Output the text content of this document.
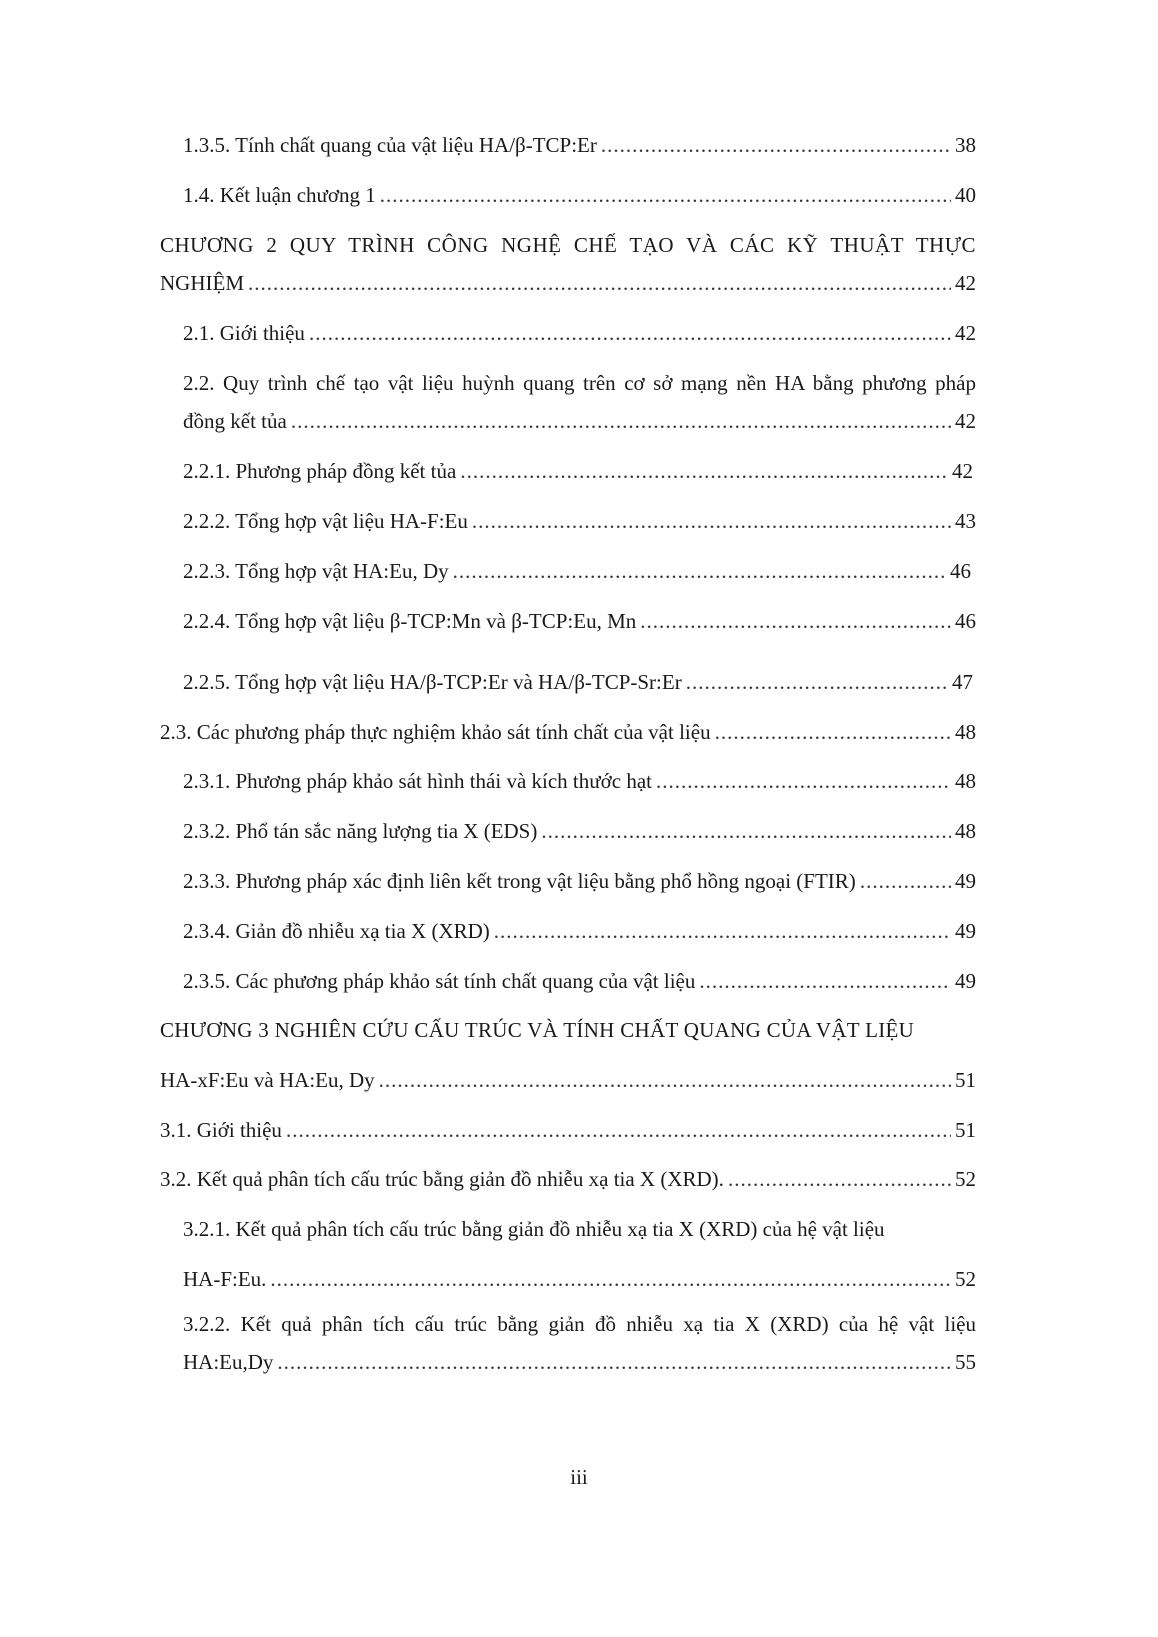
1.3.5. Tính chất quang của vật liệu HA/β-TCP:Er .....	38
1.4. Kết luận chương 1 .....	40
CHƯƠNG 2 QUY TRÌNH CÔNG NGHỆ CHẾ TẠO VÀ CÁC KỸ THUẬT THỰC
NGHIỆM .....	42
2.1. Giới thiệu .....	42
2.2. Quy trình chế tạo vật liệu huỳnh quang trên cơ sở mạng nền HA bằng phương pháp
đồng kết tủa .....	42
2.2.1. Phương pháp đồng kết tủa .....	42
2.2.2. Tổng hợp vật liệu HA-F:Eu .....	43
2.2.3. Tổng hợp vật HA:Eu, Dy .....	46
2.2.4. Tổng hợp vật liệu β-TCP:Mn và β-TCP:Eu, Mn .....	46
2.2.5. Tổng hợp vật liệu HA/β-TCP:Er và HA/β-TCP-Sr:Er .....	47
2.3. Các phương pháp thực nghiệm khảo sát tính chất của vật liệu .....	48
2.3.1. Phương pháp khảo sát hình thái và kích thước hạt .....	48
2.3.2. Phổ tán sắc năng lượng tia X (EDS) .....	48
2.3.3. Phương pháp xác định liên kết trong vật liệu bằng phổ hồng ngoại (FTIR) .....	49
2.3.4. Giản đồ nhiễu xạ tia X (XRD) .....	49
2.3.5. Các phương pháp khảo sát tính chất quang của vật liệu .....	49
CHƯƠNG 3 NGHIÊN CỨU CẤU TRÚC VÀ TÍNH CHẤT QUANG CỦA VẬT LIỆU
HA-xF:Eu và HA:Eu, Dy .....	51
3.1. Giới thiệu .....	51
3.2. Kết quả phân tích cấu trúc bằng giản đồ nhiễu xạ tia X (XRD). .....	52
3.2.1. Kết quả phân tích cấu trúc bằng giản đồ nhiễu xạ tia X (XRD) của hệ vật liệu
HA-F:Eu. .....	52
3.2.2. Kết quả phân tích cấu trúc bằng giản đồ nhiễu xạ tia X (XRD) của hệ vật liệu
HA:Eu,Dy .....	55
iii
